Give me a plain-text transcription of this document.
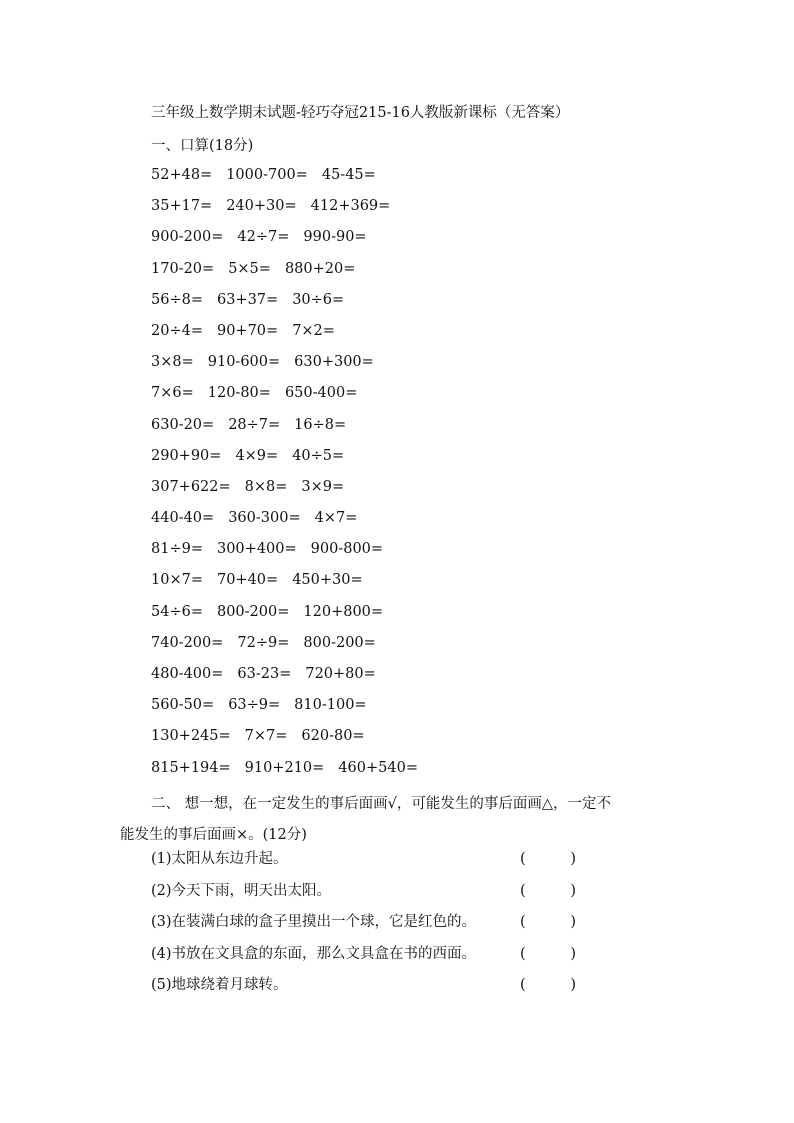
三年级上数学期末试题-轻巧夺冠215-16人教版新课标（无答案）
一、口算(18分)
52+48= 1000-700= 45-45=
35+17= 240+30= 412+369=
900-200= 42÷7= 990-90=
170-20= 5×5= 880+20=
56÷8= 63+37= 30÷6=
20÷4= 90+70= 7×2=
3×8= 910-600= 630+300=
7×6= 120-80= 650-400=
630-20= 28÷7= 16÷8=
290+90= 4×9= 40÷5=
307+622= 8×8= 3×9=
440-40= 360-300= 4×7=
81÷9= 300+400= 900-800=
10×7= 70+40= 450+30=
54÷6= 800-200= 120+800=
740-200= 72÷9= 800-200=
480-400= 63-23= 720+80=
560-50= 63÷9= 810-100=
130+245= 7×7= 620-80=
815+194= 910+210= 460+540=
二、 想一想，在一定发生的事后面画√，可能发生的事后面画△，一定不
能发生的事后面画×。(12分)
(1)太阳从东边升起。	(	)
(2)今天下雨，明天出太阳。	(	)
(3)在装满白球的盒子里摸出一个球，它是红色的。	(	)
(4)书放在文具盒的东面，那么文具盒在书的西面。	(	)
(5)地球绕着月球转。	(	)
